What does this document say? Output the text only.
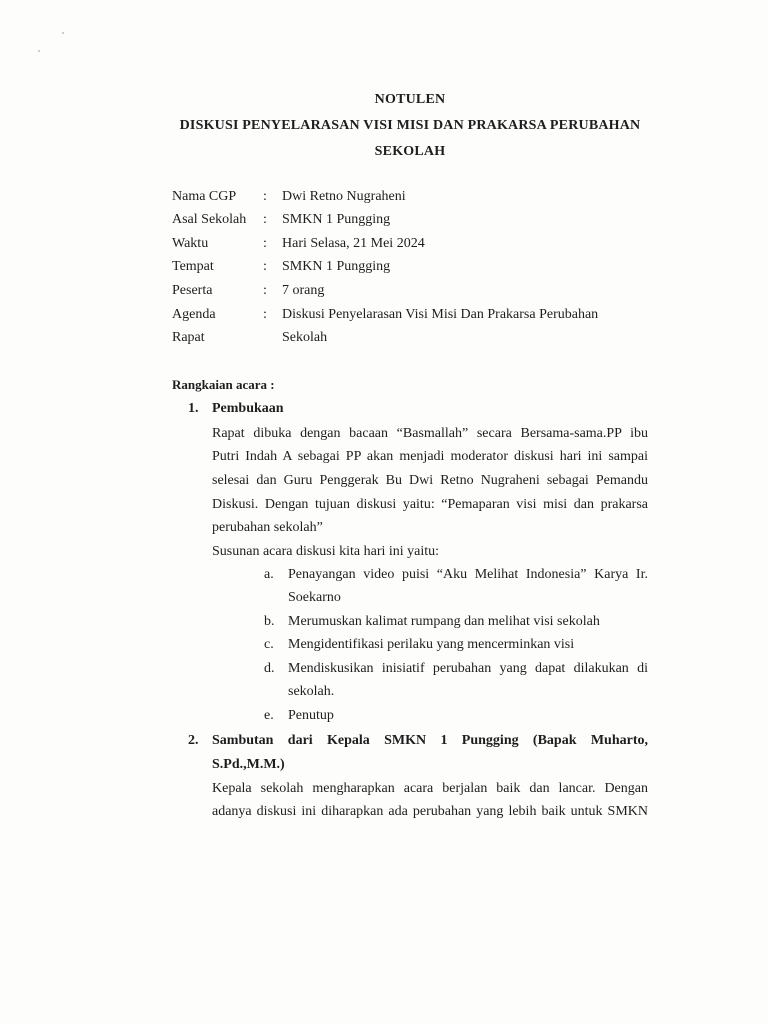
NOTULEN
DISKUSI PENYELARASAN VISI MISI DAN PRAKARSA PERUBAHAN
SEKOLAH
Nama CGP	: Dwi Retno Nugraheni
Asal Sekolah	: SMKN 1 Pungging
Waktu	: Hari Selasa, 21 Mei 2024
Tempat	: SMKN 1 Pungging
Peserta	: 7 orang
Agenda	: Diskusi Penyelarasan Visi Misi Dan Prakarsa Perubahan
Rapat	Sekolah
Rangkaian acara :
1. Pembukaan
Rapat dibuka dengan bacaan “Basmallah” secara Bersama-sama.PP ibu
Putri Indah A sebagai PP akan menjadi moderator diskusi hari ini sampai
selesai dan Guru Penggerak Bu Dwi Retno Nugraheni sebagai Pemandu
Diskusi. Dengan tujuan diskusi yaitu: “Pemaparan visi misi dan prakarsa
perubahan sekolah”
Susunan acara diskusi kita hari ini yaitu:
a. Penayangan video puisi “Aku Melihat Indonesia” Karya Ir.
Soekarno
b. Merumuskan kalimat rumpang dan melihat visi sekolah
c. Mengidentifikasi perilaku yang mencerminkan visi
d. Mendiskusikan inisiatif perubahan yang dapat dilakukan di
sekolah.
e. Penutup
2. Sambutan dari Kepala SMKN 1 Pungging (Bapak Muharto,
S.Pd.,M.M.)
Kepala sekolah mengharapkan acara berjalan baik dan lancar. Dengan
adanya diskusi ini diharapkan ada perubahan yang lebih baik untuk SMKN
